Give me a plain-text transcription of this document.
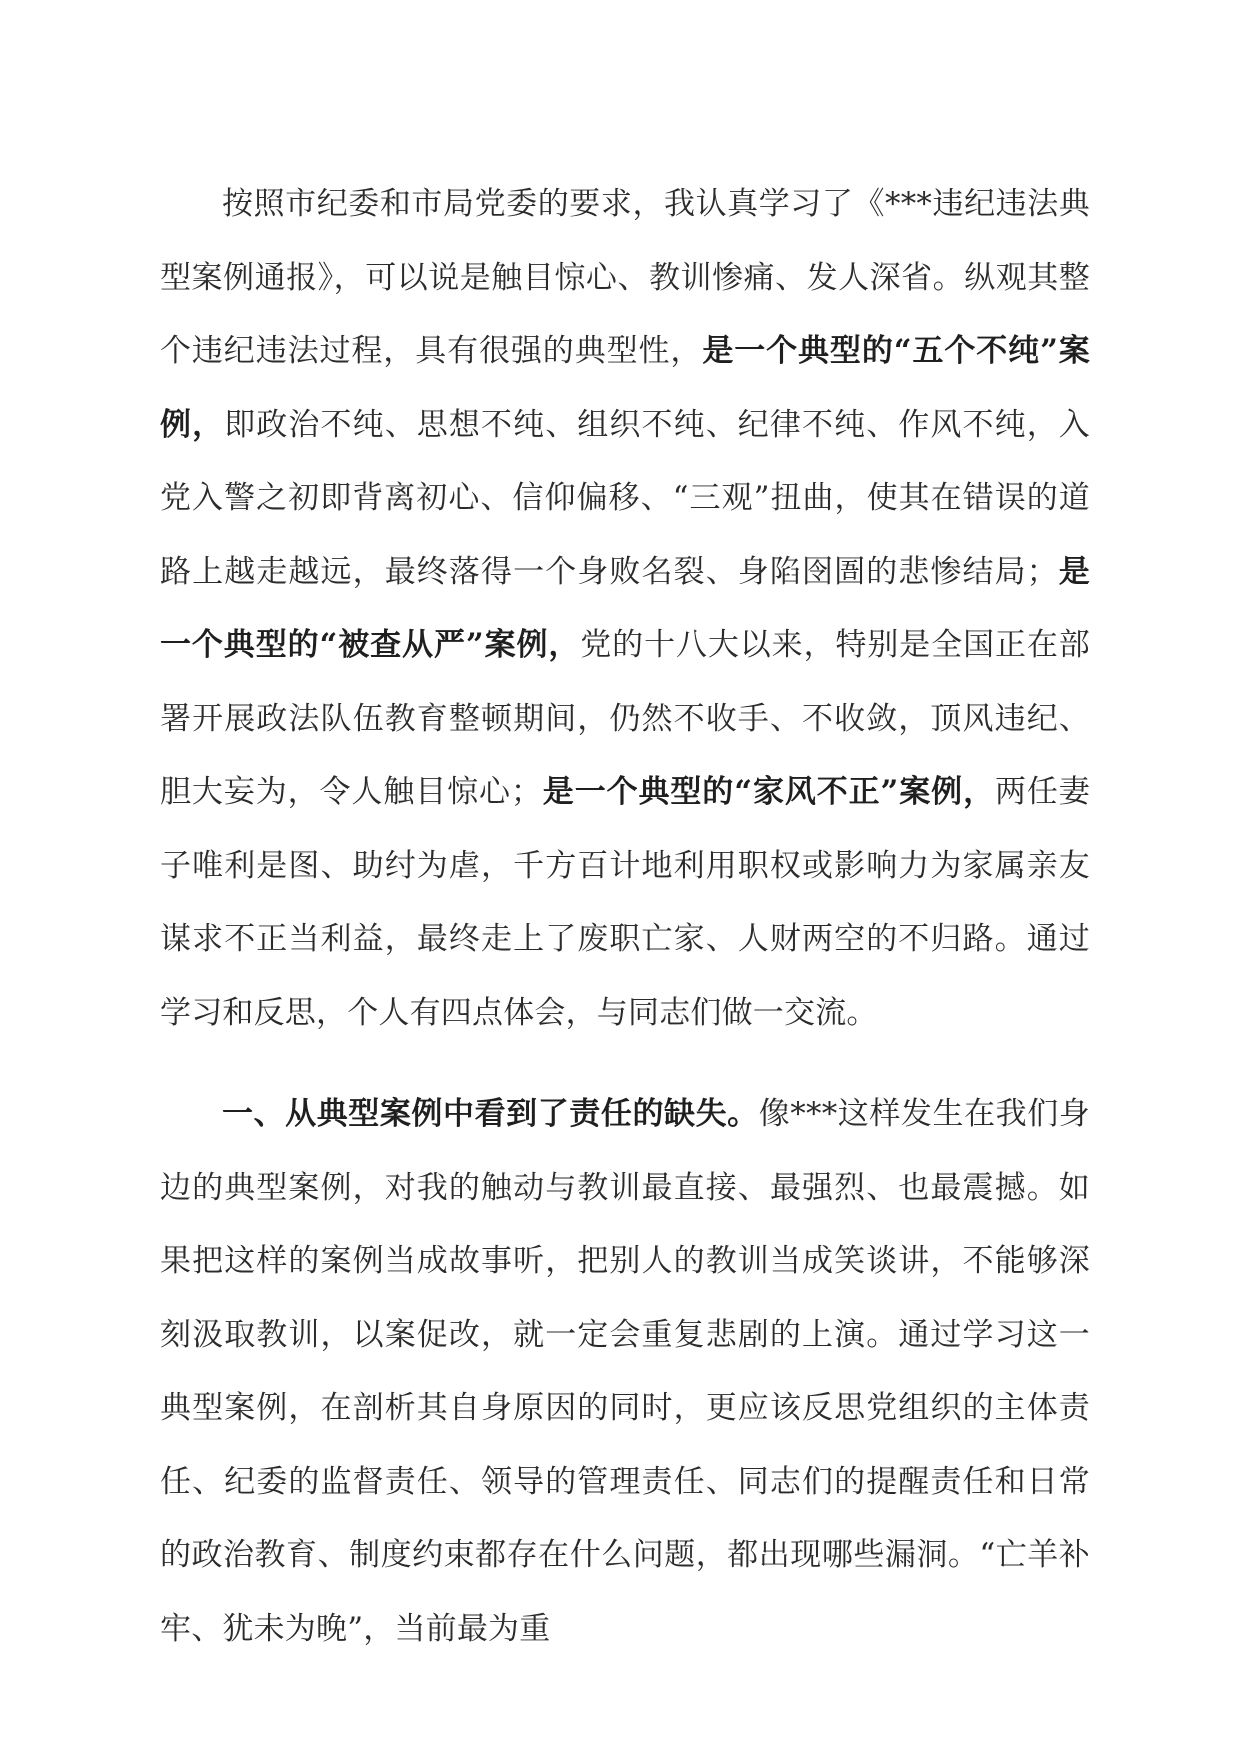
按照市纪委和市局党委的要求，我认真学习了《***违纪违法典型案例通报》，可以说是触目惊心、教训惨痛、发人深省。纵观其整个违纪违法过程，具有很强的典型性，是一个典型的“五个不纯”案例，即政治不纯、思想不纯、组织不纯、纪律不纯、作风不纯，入党入警之初即背离初心、信仰偏移、“三观”扭曲，使其在错误的道路上越走越远，最终落得一个身败名裂、身陷囹圄的悲惨结局；是一个典型的“被查从严”案例，党的十八大以来，特别是全国正在部署开展政法队伍教育整顿期间，仍然不收手、不收敛，顶风违纪、胆大妄为，令人触目惊心；是一个典型的“家风不正”案例，两任妻子唯利是图、助纣为虐，千方百计地利用职权或影响力为家属亲友谋求不正当利益，最终走上了废职亡家、人财两空的不归路。通过学习和反思，个人有四点体会，与同志们做一交流。

一、从典型案例中看到了责任的缺失。像***这样发生在我们身边的典型案例，对我的触动与教训最直接、最强烈、也最震撼。如果把这样的案例当成故事听，把别人的教训当成笑谈讲，不能够深刻汲取教训，以案促改，就一定会重复悲剧的上演。通过学习这一典型案例，在剖析其自身原因的同时，更应该反思党组织的主体责任、纪委的监督责任、领导的管理责任、同志们的提醒责任和日常的政治教育、制度约束都存在什么问题，都出现哪些漏洞。“亡羊补牢、犹未为晚”，当前最为重
